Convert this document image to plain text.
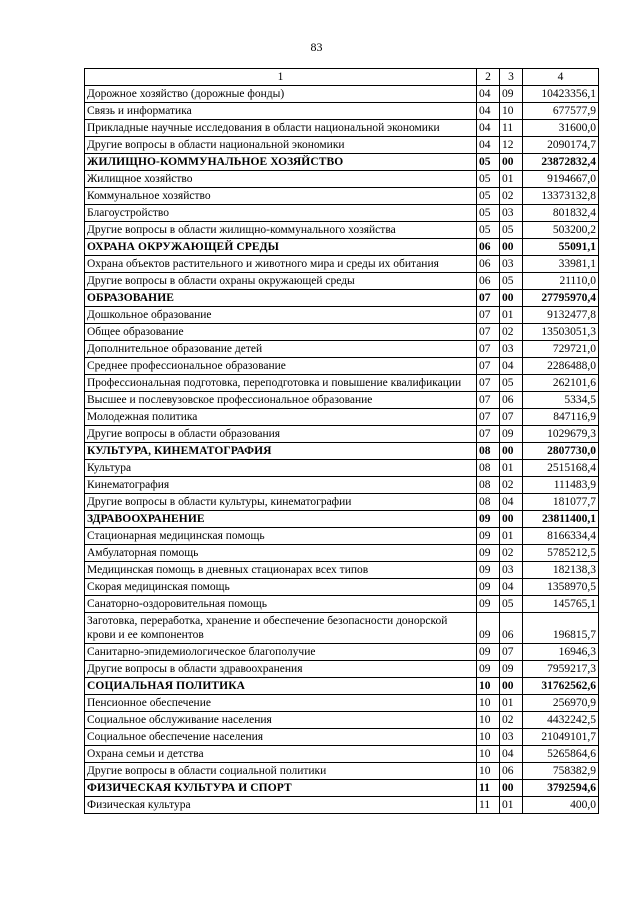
83
1	2	3	4
Дорожное хозяйство (дорожные фонды)	04	09	10423356,1
Связь и информатика	04	10	677577,9
Прикладные научные исследования в области национальной экономики	04	11	31600,0
Другие вопросы в области национальной экономики	04	12	2090174,7
ЖИЛИЩНО-КОММУНАЛЬНОЕ ХОЗЯЙСТВО	05	00	23872832,4
Жилищное хозяйство	05	01	9194667,0
Коммунальное хозяйство	05	02	13373132,8
Благоустройство	05	03	801832,4
Другие вопросы в области жилищно-коммунального хозяйства	05	05	503200,2
ОХРАНА ОКРУЖАЮЩЕЙ СРЕДЫ	06	00	55091,1
Охрана объектов растительного и животного мира и среды их обитания	06	03	33981,1
Другие вопросы в области охраны окружающей среды	06	05	21110,0
ОБРАЗОВАНИЕ	07	00	27795970,4
Дошкольное образование	07	01	9132477,8
Общее образование	07	02	13503051,3
Дополнительное образование детей	07	03	729721,0
Среднее профессиональное образование	07	04	2286488,0
Профессиональная подготовка, переподготовка и повышение квалификации	07	05	262101,6
Высшее и послевузовское профессиональное образование	07	06	5334,5
Молодежная политика	07	07	847116,9
Другие вопросы в области образования	07	09	1029679,3
КУЛЬТУРА, КИНЕМАТОГРАФИЯ	08	00	2807730,0
Культура	08	01	2515168,4
Кинематография	08	02	111483,9
Другие вопросы в области культуры, кинематографии	08	04	181077,7
ЗДРАВООХРАНЕНИЕ	09	00	23811400,1
Стационарная медицинская помощь	09	01	8166334,4
Амбулаторная помощь	09	02	5785212,5
Медицинская помощь в дневных стационарах всех типов	09	03	182138,3
Скорая медицинская помощь	09	04	1358970,5
Санаторно-оздоровительная помощь	09	05	145765,1
Заготовка, переработка, хранение и обеспечение безопасности донорской крови и ее компонентов	09	06	196815,7
Санитарно-эпидемиологическое благополучие	09	07	16946,3
Другие вопросы в области здравоохранения	09	09	7959217,3
СОЦИАЛЬНАЯ ПОЛИТИКА	10	00	31762562,6
Пенсионное обеспечение	10	01	256970,9
Социальное обслуживание населения	10	02	4432242,5
Социальное обеспечение населения	10	03	21049101,7
Охрана семьи и детства	10	04	5265864,6
Другие вопросы в области социальной политики	10	06	758382,9
ФИЗИЧЕСКАЯ КУЛЬТУРА И СПОРТ	11	00	3792594,6
Физическая культура	11	01	400,0
